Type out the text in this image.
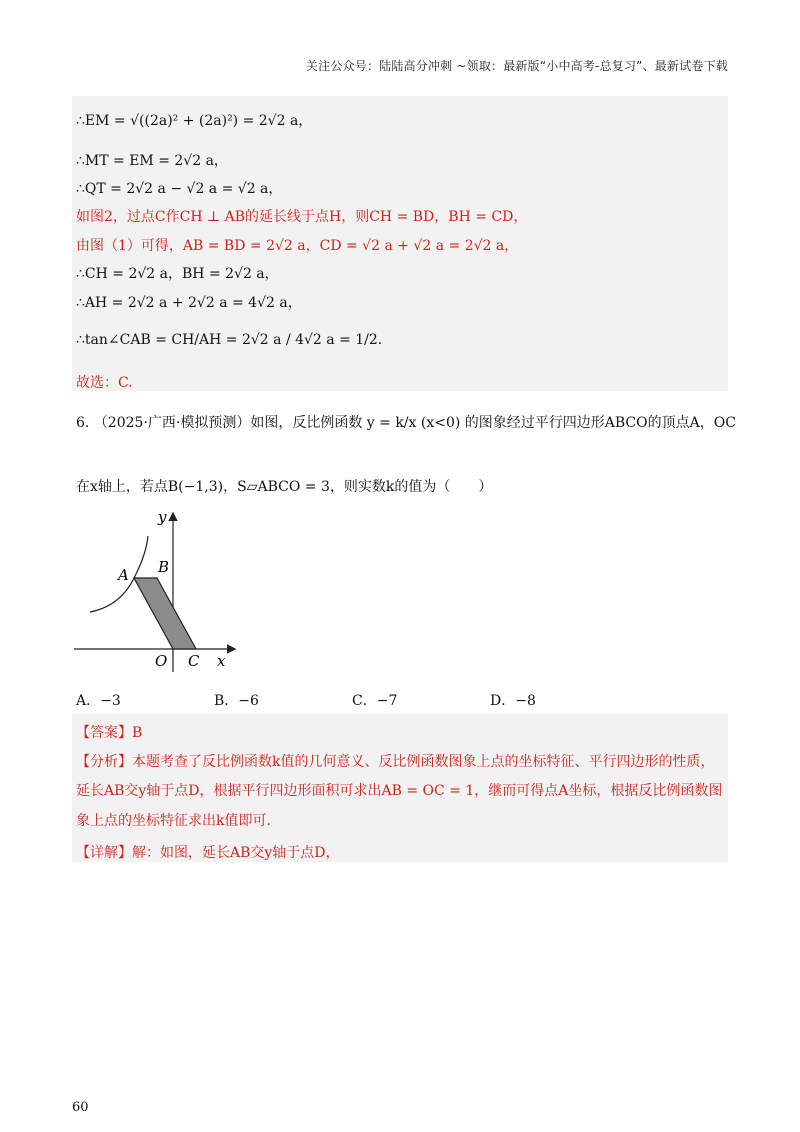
关注公众号：陆陆高分冲刺 ~领取：最新版“小中高考-总复习”、最新试卷下载
∴EM = √((2a)² + (2a)²) = 2√2 a，
∴MT = EM = 2√2 a，
∴QT = 2√2 a − √2 a = √2 a，
如图2，过点C作CH ⊥ AB的延长线于点H，则CH = BD，BH = CD，
由图（1）可得，AB = BD = 2√2 a，CD = √2 a + √2 a = 2√2 a，
∴CH = 2√2 a，BH = 2√2 a，
∴AH = 2√2 a + 2√2 a = 4√2 a，
∴tan∠CAB = CH/AH = 2√2 a / 4√2 a = 1/2.
故选：C.
6. （2025·广西·模拟预测）如图，反比例函数 y = k/x (x<0) 的图象经过平行四边形ABCO的顶点A，OC
在x轴上，若点B(−1,3)，S▱ABCO = 3，则实数k的值为（　　）
y
x
A B
O C
A．−3	B．−6	C．−7	D．−8
【答案】B
【分析】本题考查了反比例函数k值的几何意义、反比例函数图象上点的坐标特征、平行四边形的性质，
延长AB交y轴于点D，根据平行四边形面积可求出AB = OC = 1，继而可得点A坐标，根据反比例函数图
象上点的坐标特征求出k值即可.
【详解】解：如图，延长AB交y轴于点D，
60
